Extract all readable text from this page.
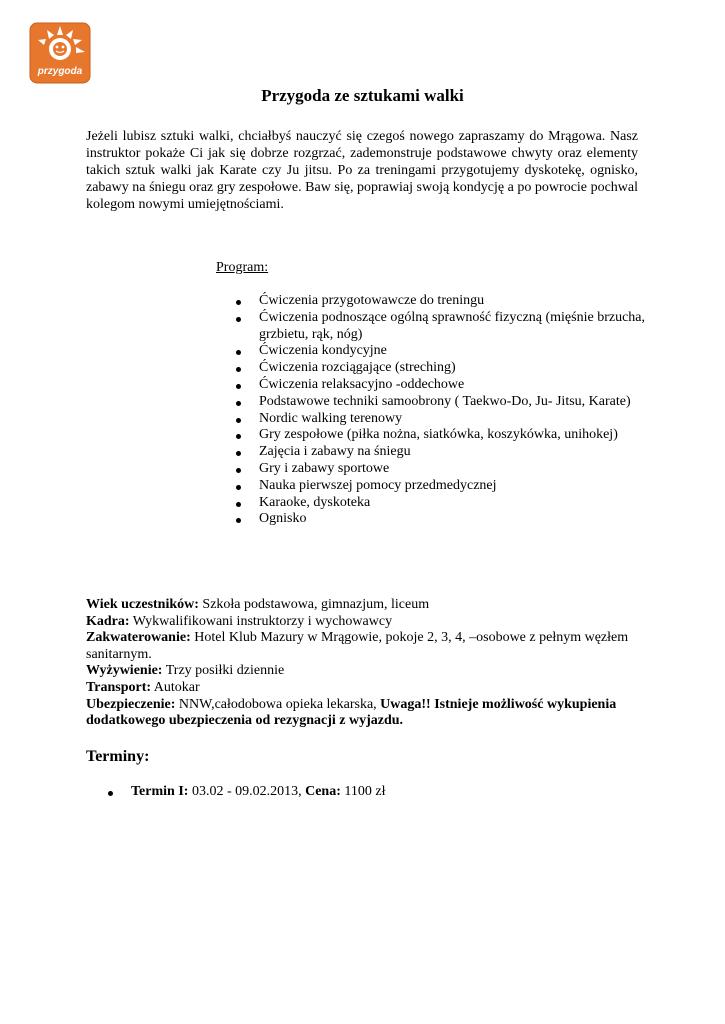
przygoda
Przygoda ze sztukami walki
Jeżeli lubisz sztuki walki, chciałbyś nauczyć się czegoś nowego zapraszamy do Mrągowa. Nasz instruktor pokaże Ci jak się dobrze rozgrzać, zademonstruje podstawowe chwyty oraz elementy takich sztuk walki jak Karate czy Ju jitsu. Po za treningami przygotujemy dyskotekę, ognisko, zabawy na śniegu oraz gry zespołowe. Baw się, poprawiaj swoją kondycję a po powrocie pochwal kolegom nowymi umiejętnościami.
Program:
Ćwiczenia przygotowawcze do treningu
Ćwiczenia podnoszące ogólną sprawność fizyczną (mięśnie brzucha, grzbietu, rąk, nóg)
Ćwiczenia kondycyjne
Ćwiczenia rozciągające (streching)
Ćwiczenia relaksacyjno -oddechowe
Podstawowe techniki samoobrony ( Taekwo-Do, Ju- Jitsu, Karate)
Nordic walking terenowy
Gry zespołowe (piłka nożna, siatkówka, koszykówka, unihokej)
Zajęcia i zabawy na śniegu
Gry i zabawy sportowe
Nauka pierwszej pomocy przedmedycznej
Karaoke, dyskoteka
Ognisko
Wiek uczestników: Szkoła podstawowa, gimnazjum, liceum
Kadra: Wykwalifikowani instruktorzy i wychowawcy
Zakwaterowanie: Hotel Klub Mazury w Mrągowie, pokoje 2, 3, 4, –osobowe z pełnym węzłem sanitarnym.
Wyżywienie: Trzy posiłki dziennie
Transport: Autokar
Ubezpieczenie: NNW,całodobowa opieka lekarska, Uwaga!! Istnieje możliwość wykupienia dodatkowego ubezpieczenia od rezygnacji z wyjazdu.
Terminy:
Termin I: 03.02 - 09.02.2013, Cena: 1100 zł
